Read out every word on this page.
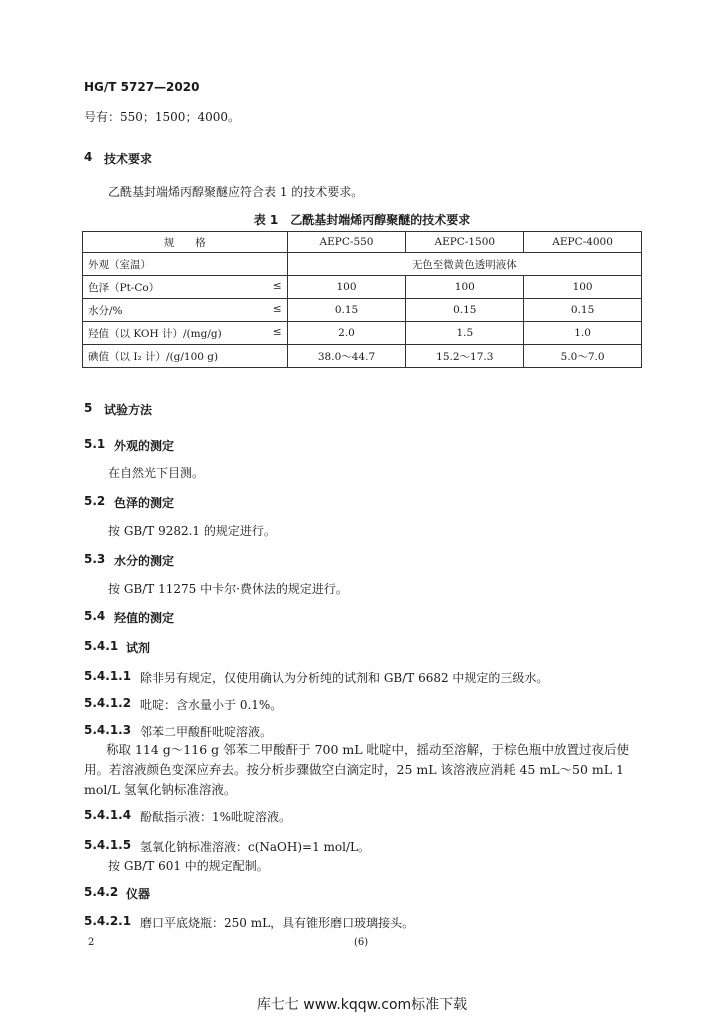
HG/T 5727—2020
号有：550；1500；4000。
4 技术要求
乙酰基封端烯丙醇聚醚应符合表 1 的技术要求。
表 1　乙酰基封端烯丙醇聚醚的技术要求
规　　格	AEPC-550	AEPC-1500	AEPC-4000
外观（室温）	无色至微黄色透明液体		

色泽（Pt-Co） ≤	100	100	100

水分/% ≤	0.15	0.15	0.15

羟值（以 KOH 计）/(mg/g) ≤	2.0	1.5	1.0
碘值（以 I₂ 计）/(g/100 g)	38.0～44.7	15.2～17.3	5.0～7.0
5 试验方法
5.1 外观的测定
在自然光下目测。
5.2 色泽的测定
按 GB/T 9282.1 的规定进行。
5.3 水分的测定
按 GB/T 11275 中卡尔·费休法的规定进行。
5.4 羟值的测定
5.4.1 试剂
5.4.1.1 除非另有规定，仅使用确认为分析纯的试剂和 GB/T 6682 中规定的三级水。
5.4.1.2 吡啶：含水量小于 0.1%。
5.4.1.3 邻苯二甲酸酐吡啶溶液。
称取 114 g～116 g 邻苯二甲酸酐于 700 mL 吡啶中，摇动至溶解，于棕色瓶中放置过夜后使用。若溶液颜色变深应弃去。按分析步骤做空白滴定时，25 mL 该溶液应消耗 45 mL～50 mL 1 mol/L 氢氧化钠标准溶液。
5.4.1.4 酚酞指示液：1%吡啶溶液。
5.4.1.5 氢氧化钠标准溶液：c(NaOH)=1 mol/L。
按 GB/T 601 中的规定配制。
5.4.2 仪器
5.4.2.1 磨口平底烧瓶：250 mL，具有锥形磨口玻璃接头。
2	(6)
库七七 www.kqqw.com标准下载
